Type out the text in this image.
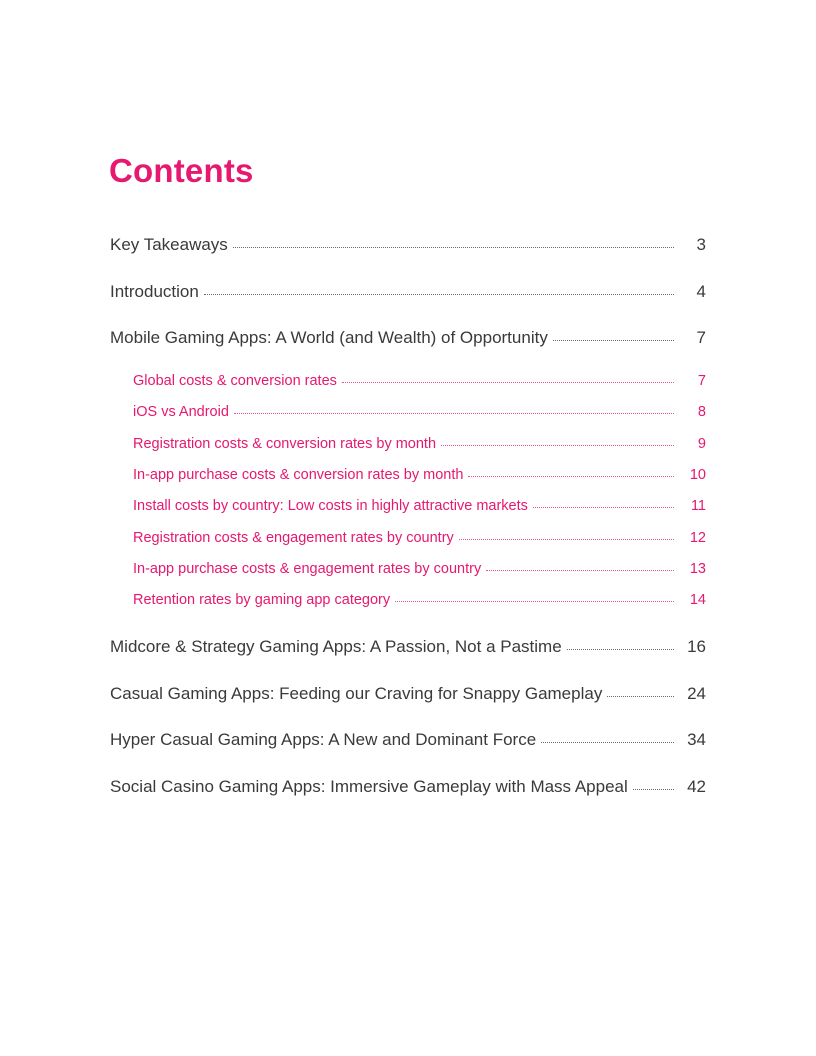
Contents
Key Takeaways	3
Introduction	4
Mobile Gaming Apps: A World (and Wealth) of Opportunity	7
Global costs & conversion rates	7
iOS vs Android	8
Registration costs & conversion rates by month	9
In-app purchase costs & conversion rates by month	10
Install costs by country: Low costs in highly attractive markets	11
Registration costs & engagement rates by country	12
In-app purchase costs & engagement rates by country	13
Retention rates by gaming app category	14
Midcore & Strategy Gaming Apps: A Passion, Not a Pastime	16
Casual Gaming Apps: Feeding our Craving for Snappy Gameplay	24
Hyper Casual Gaming Apps: A New and Dominant Force	34
Social Casino Gaming Apps: Immersive Gameplay with Mass Appeal	42
